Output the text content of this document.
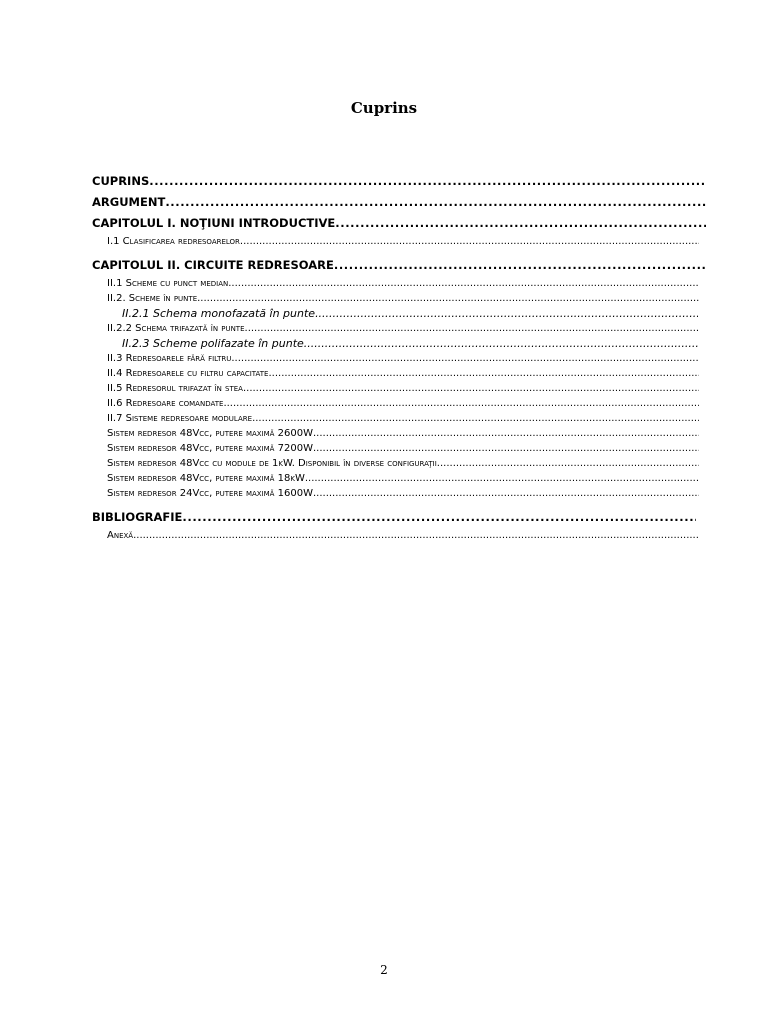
Cuprins
CUPRINS
.....
ARGUMENT
.....
CAPITOLUL I. NOŢIUNI INTRODUCTIVE
.....
I.1 Clasificarea redresoarelor
.....
CAPITOLUL II. CIRCUITE REDRESOARE
.....
II.1 Scheme cu punct median
.....
II.2. Scheme în punte
.....
II.2.1 Schema monofazată în punte
.....
II.2.2 Schema trifazată în punte
.....
II.2.3 Scheme polifazate în punte
.....
II.3 Redresoarele fără filtru
.....
II.4 Redresoarele cu filtru capacitate
.....
II.5 Redresorul trifazat în stea
.....
II.6 Redresoare comandate
.....
II.7 Sisteme redresoare modulare
.....
Sistem redresor 48Vcc, putere maximă 2600W
.....
Sistem redresor 48Vcc, putere maximă 7200W
.....
Sistem redresor 48Vcc cu module de 1kW. Disponibil în diverse configuraţii
.....
Sistem redresor 48Vcc, putere maximă 18kW
.....
Sistem redresor 24Vcc, putere maximă 1600W
.....
BIBLIOGRAFIE
.....
Anexă
.....
2
